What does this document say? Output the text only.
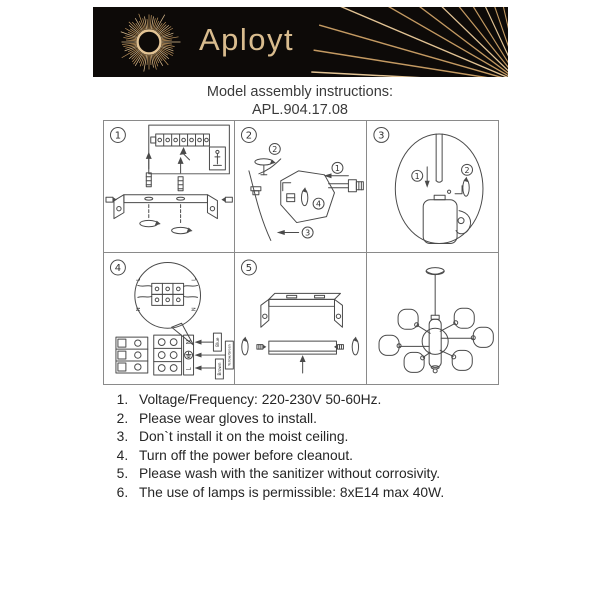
Aployt
Model assembly instructions:
APL.904.17.08
1	2
2
4
1
3
3
1
2
4
L
N
L
N
N
L
Blue
Yellow/Green
Brown
5
1. Voltage/Frequency: 220-230V 50-60Hz.
2. Please wear gloves to install.
3. Don`t install it on the moist ceiling.
4. Turn off the power before cleanout.
5. Please wash with the sanitizer without corrosivity.
6. The use of lamps is permissible: 8xE14 max 40W.
